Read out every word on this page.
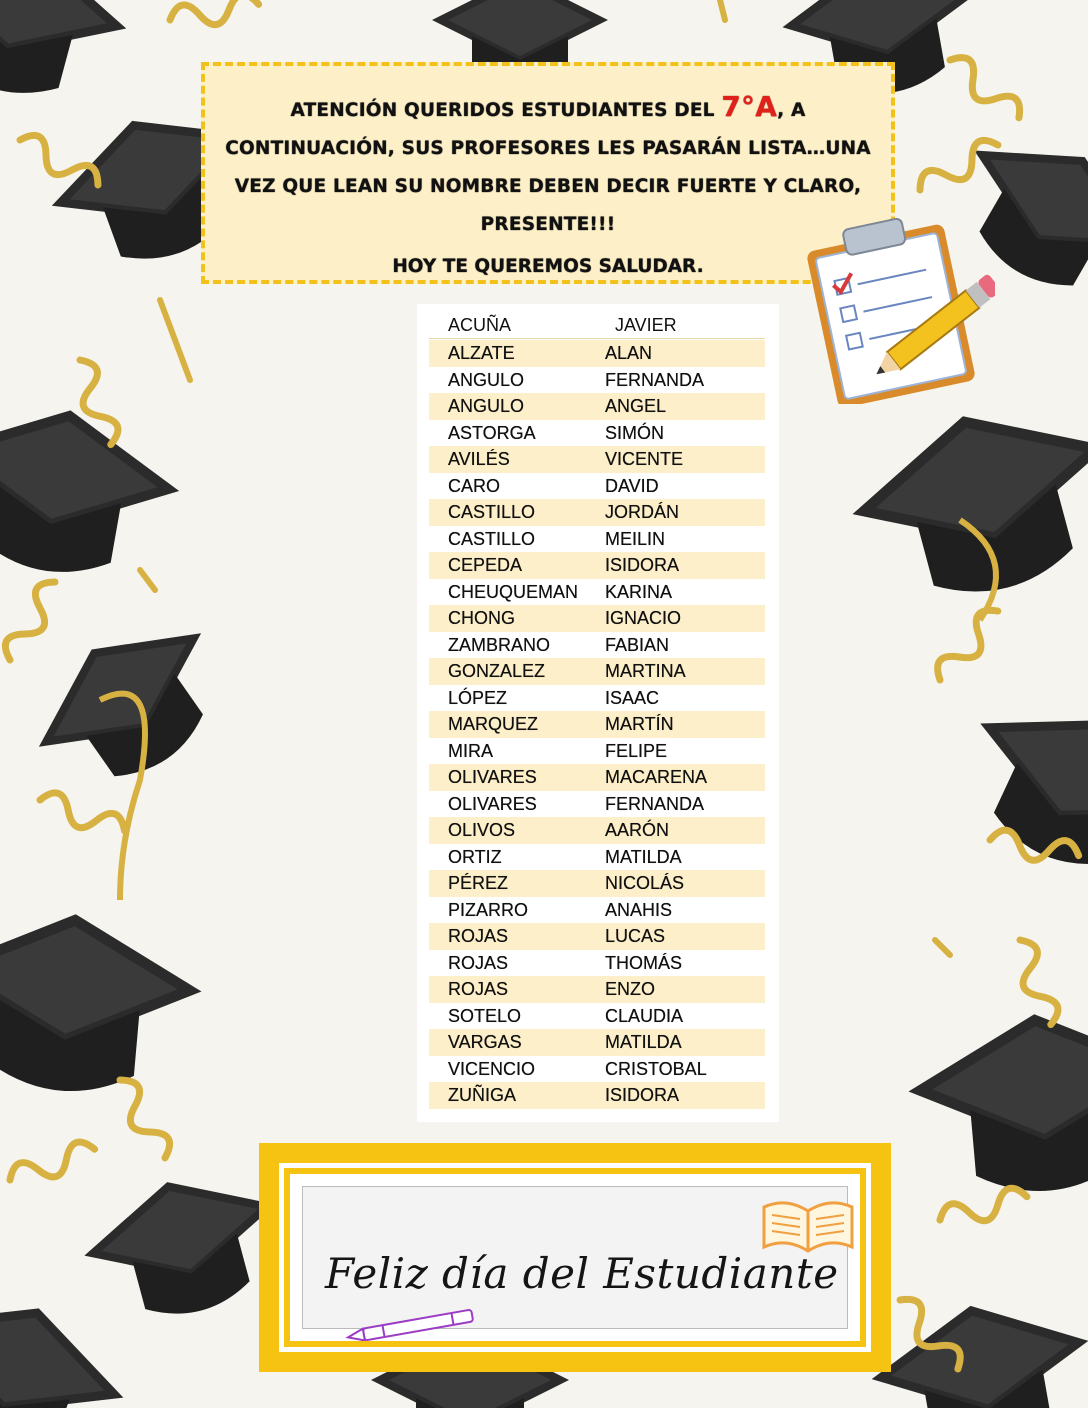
ATENCIÓN QUERIDOS ESTUDIANTES DEL 7°A, A CONTINUACIÓN, SUS PROFESORES LES PASARÁN LISTA…UNA VEZ QUE LEAN SU NOMBRE DEBEN DECIR FUERTE Y CLARO, PRESENTE!!!
HOY TE QUEREMOS SALUDAR.
ACUÑA	JAVIER
ALZATE	ALAN
ANGULO	FERNANDA
ANGULO	ANGEL
ASTORGA	SIMÓN
AVILÉS	VICENTE
CARO	DAVID
CASTILLO	JORDÁN
CASTILLO	MEILIN
CEPEDA	ISIDORA
CHEUQUEMAN KARINA
CHONG	IGNACIO
ZAMBRANO	FABIAN
GONZALEZ	MARTINA
LÓPEZ	ISAAC
MARQUEZ	MARTÍN
MIRA	FELIPE
OLIVARES	MACARENA
OLIVARES	FERNANDA
OLIVOS	AARÓN
ORTIZ	MATILDA
PÉREZ	NICOLÁS
PIZARRO	ANAHIS
ROJAS	LUCAS
ROJAS	THOMÁS
ROJAS	ENZO
SOTELO	CLAUDIA
VARGAS	MATILDA
VICENCIO	CRISTOBAL
ZUÑIGA	ISIDORA
Feliz día del Estudiante
